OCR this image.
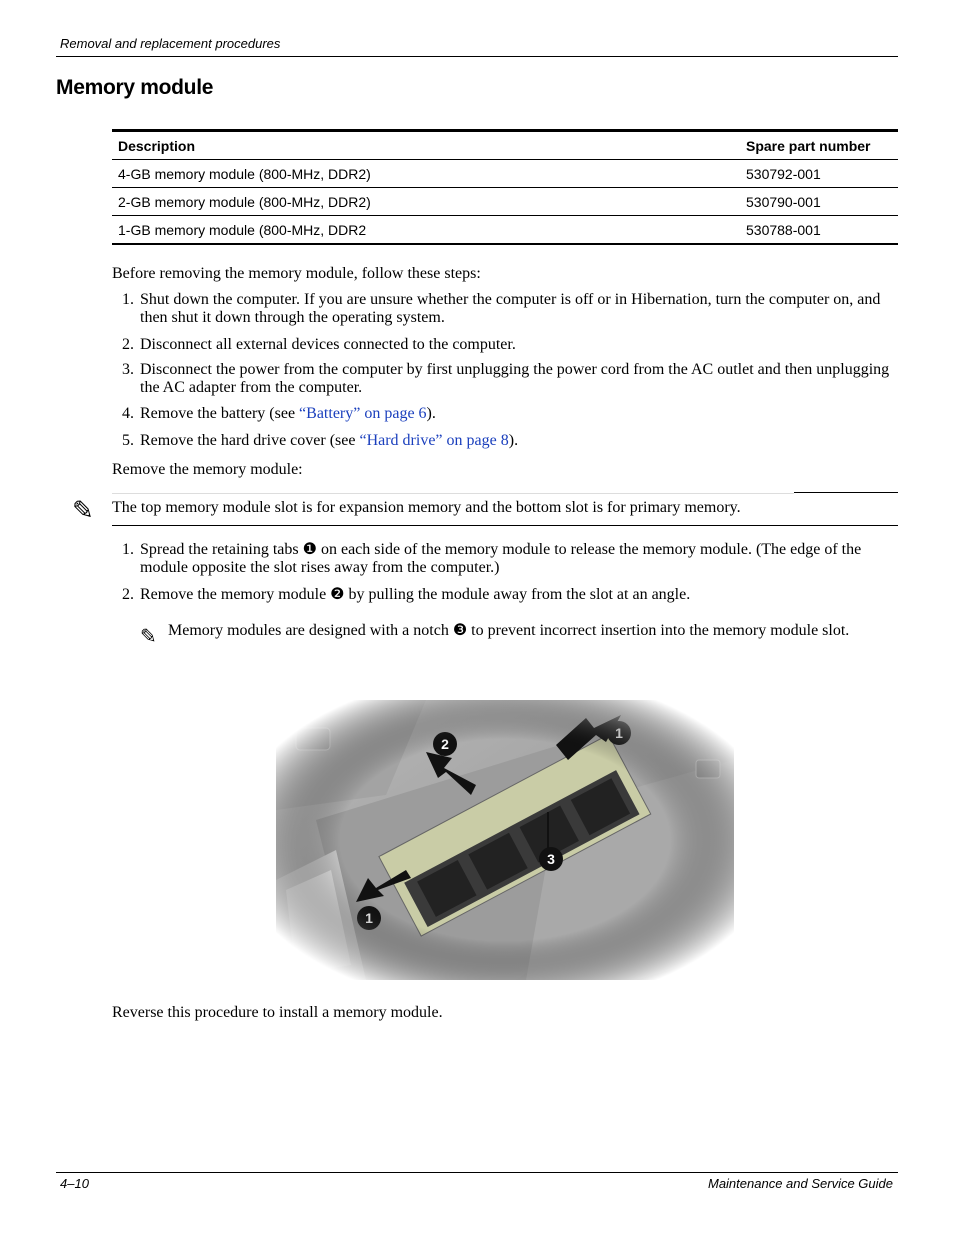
Removal and replacement procedures
Memory module
Description	Spare part number
4-GB memory module (800-MHz, DDR2)	530792-001
2-GB memory module (800-MHz, DDR2)	530790-001
1-GB memory module (800-MHz, DDR2	530788-001
Before removing the memory module, follow these steps:
1. Shut down the computer. If you are unsure whether the computer is off or in Hibernation, turn the computer on, and then shut it down through the operating system.
2. Disconnect all external devices connected to the computer.
3. Disconnect the power from the computer by first unplugging the power cord from the AC outlet and then unplugging the AC adapter from the computer.
4. Remove the battery (see “Battery” on page 6).
5. Remove the hard drive cover (see “Hard drive” on page 8).
Remove the memory module:
✎ The top memory module slot is for expansion memory and the bottom slot is for primary memory.
1. Spread the retaining tabs ❶ on each side of the memory module to release the memory module. (The edge of the module opposite the slot rises away from the computer.)
2. Remove the memory module ❷ by pulling the module away from the slot at an angle.
✎ Memory modules are designed with a notch ❸ to prevent incorrect insertion into the memory module slot.
Reverse this procedure to install a memory module.
4–10	Maintenance and Service Guide
